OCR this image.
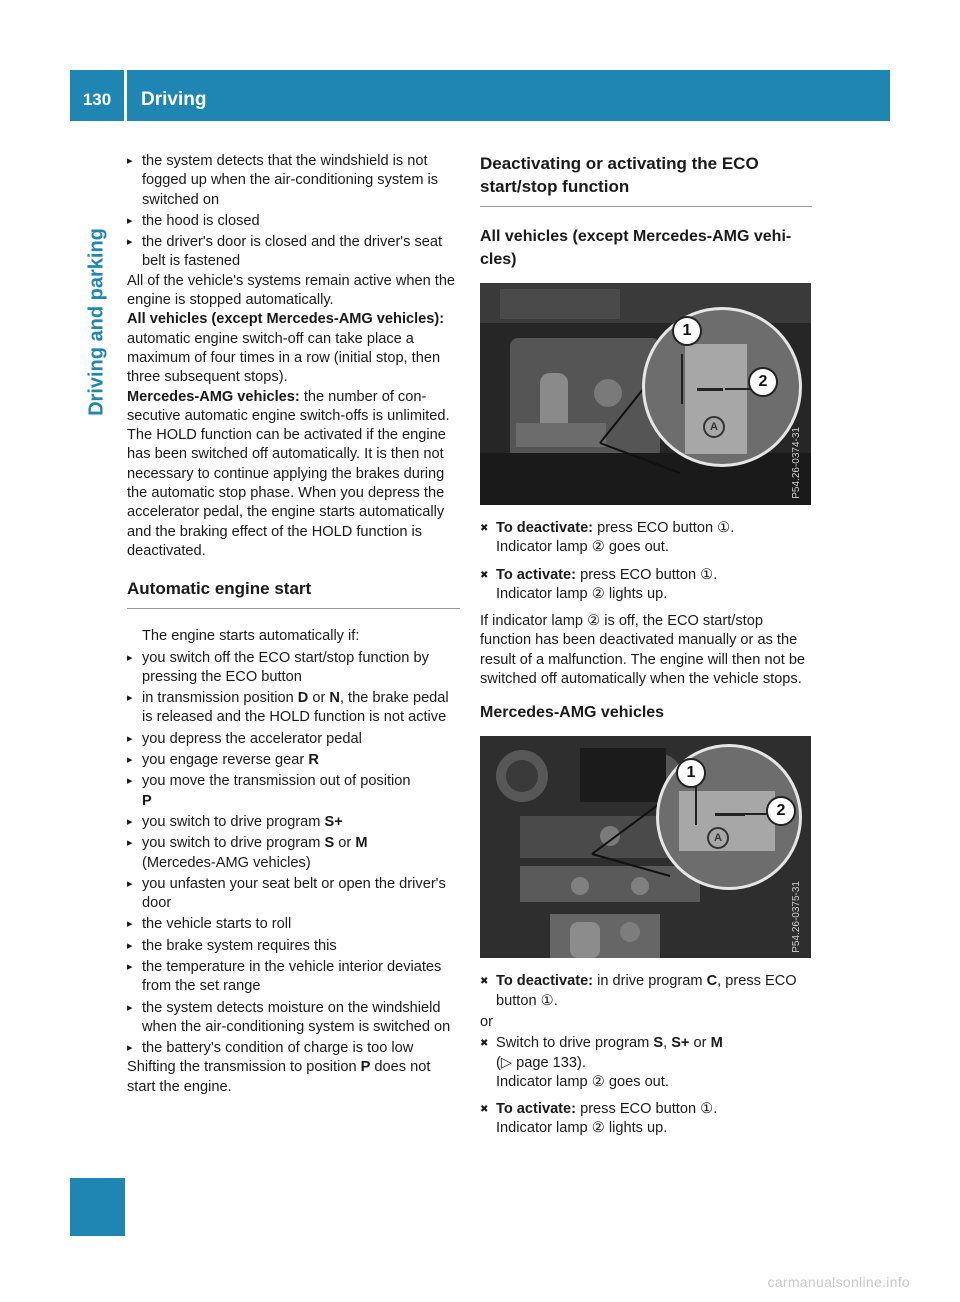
130	Driving
Driving and parking
▸ the system detects that the windshield is not fogged up when the air-conditioning system is switched on
▸ the hood is closed
▸ the driver's door is closed and the driver's seat belt is fastened

All of the vehicle's systems remain active when the engine is stopped automatically.

All vehicles (except Mercedes-AMG vehicles): automatic engine switch-off can take place a maximum of four times in a row (initial stop, then three subsequent stops).

Mercedes-AMG vehicles: the number of consecutive automatic engine switch-offs is unlimited.

The HOLD function can be activated if the engine has been switched off automatically. It is then not necessary to continue applying the brakes during the automatic stop phase. When you depress the accelerator pedal, the engine starts automatically and the braking effect of the HOLD function is deactivated.

Automatic engine start

The engine starts automatically if:

▸ you switch off the ECO start/stop function by pressing the ECO button
▸ in transmission position D or N, the brake pedal is released and the HOLD function is not active
▸ you depress the accelerator pedal
▸ you engage reverse gear R
▸ you move the transmission out of position
P
▸ you switch to drive program S+
▸ you switch to drive program S or M
(Mercedes-AMG vehicles)
▸ you unfasten your seat belt or open the driver's door
▸ the vehicle starts to roll
▸ the brake system requires this
▸ the temperature in the vehicle interior deviates from the set range
▸ the system detects moisture on the windshield when the air-conditioning system is switched on
▸ the battery's condition of charge is too low

Shifting the transmission to position P does not start the engine.

Deactivating or activating the ECO start/stop function
All vehicles (except Mercedes-AMG vehicles)
A
1
2
P54.26-0374-31
✖ To deactivate: press ECO button ①.
Indicator lamp ② goes out.
✖ To activate: press ECO button ①.
Indicator lamp ② lights up.

If indicator lamp ② is off, the ECO start/stop function has been deactivated manually or as the result of a malfunction. The engine will then not be switched off automatically when the vehicle stops.

Mercedes-AMG vehicles
A
1
2
P54.26-0375-31
✖ To deactivate: in drive program C, press ECO button ①.

or

✖ Switch to drive program S, S+ or M
(▷ page 133).
Indicator lamp ② goes out.
✖ To activate: press ECO button ①.
Indicator lamp ② lights up.
carmanualsonline.info
